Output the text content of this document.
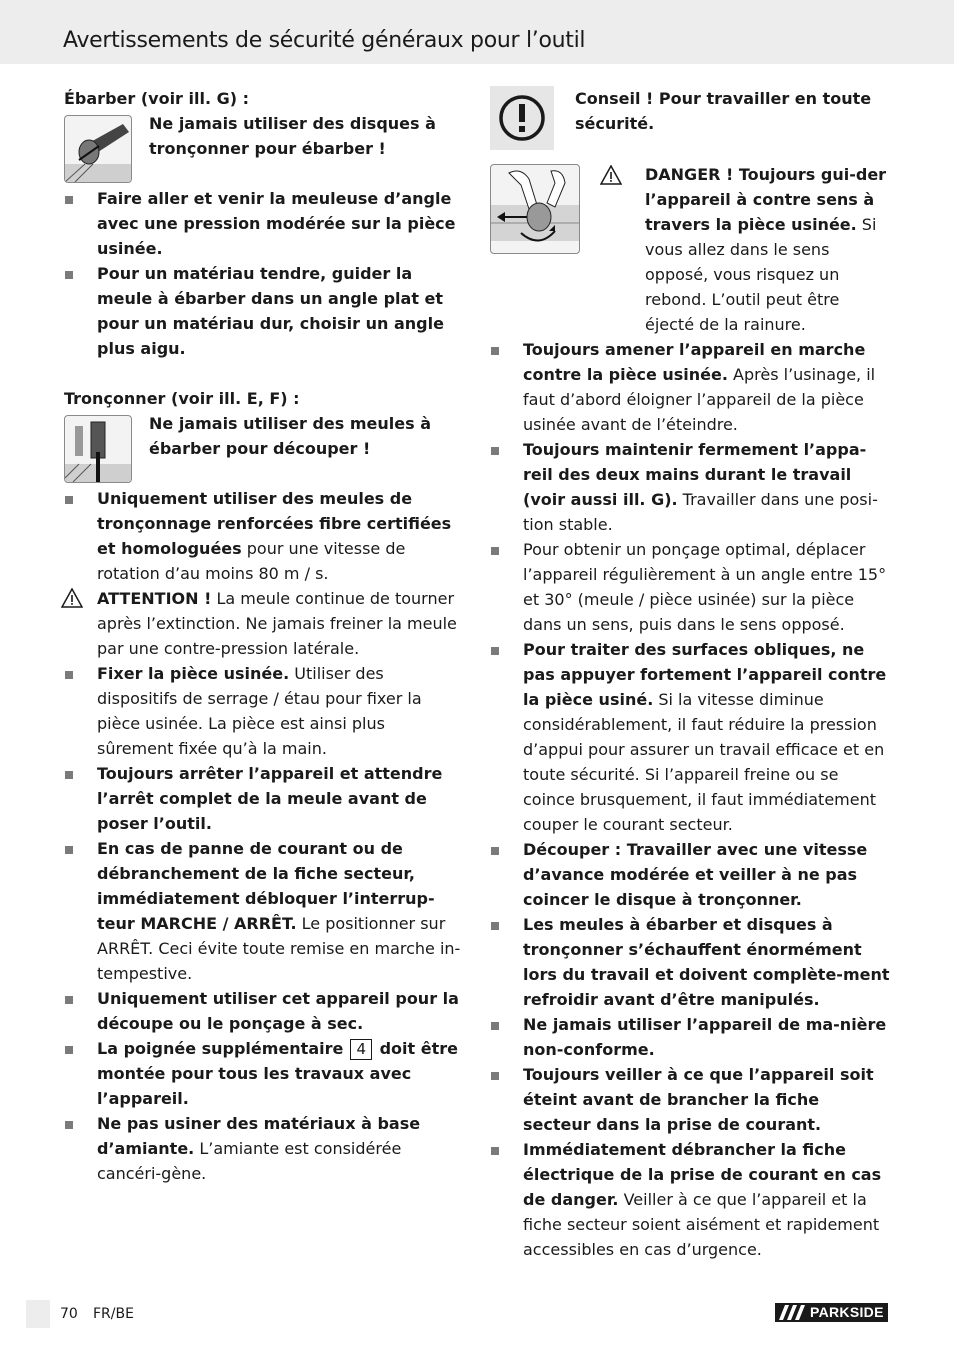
Avertissements de sécurité généraux pour l’outil

Ébarber (voir ill. G) :

Ne jamais utiliser des disques à tronçonner pour ébarber !
Faire aller et venir la meuleuse d’angle avec une pression modérée sur la pièce usinée.
Pour un matériau tendre, guider la meule à ébarber dans un angle plat et pour un matériau dur, choisir un angle plus aigu.

Tronçonner (voir ill. E, F) :

Ne jamais utiliser des meules à ébarber pour découper !
Uniquement utiliser des meules de tronçonnage renforcées fibre certifiées et homologuées pour une vitesse de rotation d’au moins 80 m / s.
ATTENTION ! La meule continue de tourner après l’extinction. Ne jamais freiner la meule par une contre-pression latérale.
Fixer la pièce usinée. Utiliser des dispositifs de serrage / étau pour fixer la pièce usinée. La pièce est ainsi plus sûrement fixée qu’à la main.
Toujours arrêter l’appareil et attendre l’arrêt complet de la meule avant de poser l’outil.
En cas de panne de courant ou de débranchement de la fiche secteur, immédiatement débloquer l’interrup-teur MARCHE / ARRÊT. Le positionner sur ARRÊT. Ceci évite toute remise en marche in-tempestive.
Uniquement utiliser cet appareil pour la découpe ou le ponçage à sec.
La poignée supplémentaire 4 doit être montée pour tous les travaux avec l’appareil.
Ne pas usiner des matériaux à base d’amiante. L’amiante est considérée cancéri-gène.
Conseil ! Pour travailler en toute sécurité.
DANGER ! Toujours gui-der l’appareil à contre sens à travers la pièce usinée. Si vous allez dans le sens opposé, vous risquez un rebond. L’outil peut être éjecté de la rainure.
Toujours amener l’appareil en marche contre la pièce usinée. Après l’usinage, il faut d’abord éloigner l’appareil de la pièce usinée avant de l’éteindre.
Toujours maintenir fermement l’appa-reil des deux mains durant le travail (voir aussi ill. G). Travailler dans une posi-tion stable.
Pour obtenir un ponçage optimal, déplacer l’appareil régulièrement à un angle entre 15° et 30° (meule / pièce usinée) sur la pièce dans un sens, puis dans le sens opposé.
Pour traiter des surfaces obliques, ne pas appuyer fortement l’appareil contre la pièce usiné. Si la vitesse diminue considérablement, il faut réduire la pression d’appui pour assurer un travail efficace et en toute sécurité. Si l’appareil freine ou se coince brusquement, il faut immédiatement couper le courant secteur.
Découper : Travailler avec une vitesse d’avance modérée et veiller à ne pas coincer le disque à tronçonner.
Les meules à ébarber et disques à tronçonner s’échauffent énormément lors du travail et doivent complète-ment refroidir avant d’être manipulés.
Ne jamais utiliser l’appareil de ma-nière non-conforme.
Toujours veiller à ce que l’appareil soit éteint avant de brancher la fiche secteur dans la prise de courant.
Immédiatement débrancher la fiche électrique de la prise de courant en cas de danger. Veiller à ce que l’appareil et la fiche secteur soient aisément et rapidement accessibles en cas d’urgence.
70 FR/BE	PARKSIDE
